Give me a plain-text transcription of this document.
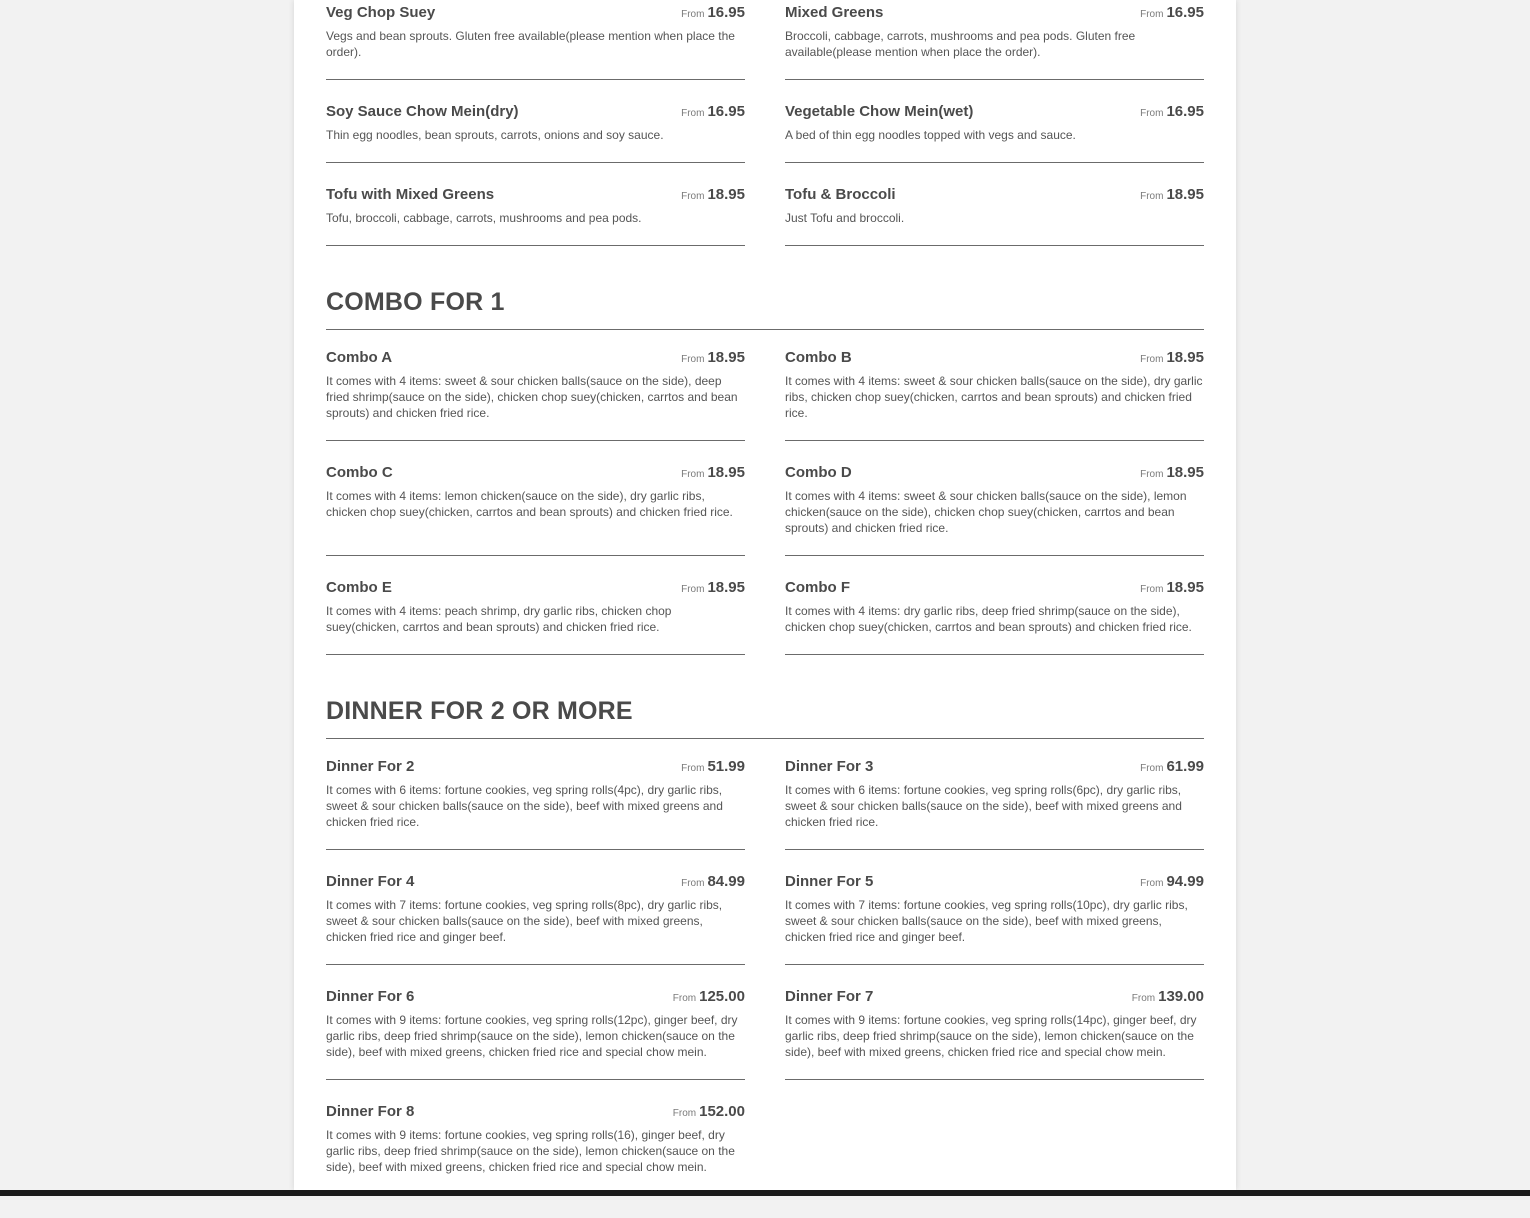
Veg Chop Suey	From 16.95
Vegs and bean sprouts. Gluten free available(please mention when place the order).
Mixed Greens	From 16.95
Broccoli, cabbage, carrots, mushrooms and pea pods. Gluten free available(please mention when place the order).
Soy Sauce Chow Mein(dry)	From 16.95
Thin egg noodles, bean sprouts, carrots, onions and soy sauce.
Vegetable Chow Mein(wet)	From 16.95
A bed of thin egg noodles topped with vegs and sauce.
Tofu with Mixed Greens	From 18.95
Tofu, broccoli, cabbage, carrots, mushrooms and pea pods.
Tofu & Broccoli	From 18.95
Just Tofu and broccoli.
COMBO FOR 1
Combo A	From 18.95
It comes with 4 items: sweet & sour chicken balls(sauce on the side), deep fried shrimp(sauce on the side), chicken chop suey(chicken, carrtos and bean sprouts) and chicken fried rice.
Combo B	From 18.95
It comes with 4 items: sweet & sour chicken balls(sauce on the side), dry garlic ribs, chicken chop suey(chicken, carrtos and bean sprouts) and chicken fried rice.
Combo C	From 18.95
It comes with 4 items: lemon chicken(sauce on the side), dry garlic ribs, chicken chop suey(chicken, carrtos and bean sprouts) and chicken fried rice.
Combo D	From 18.95
It comes with 4 items: sweet & sour chicken balls(sauce on the side), lemon chicken(sauce on the side), chicken chop suey(chicken, carrtos and bean sprouts) and chicken fried rice.
Combo E	From 18.95
It comes with 4 items: peach shrimp, dry garlic ribs, chicken chop suey(chicken, carrtos and bean sprouts) and chicken fried rice.
Combo F	From 18.95
It comes with 4 items: dry garlic ribs, deep fried shrimp(sauce on the side), chicken chop suey(chicken, carrtos and bean sprouts) and chicken fried rice.
DINNER FOR 2 OR MORE
Dinner For 2	From 51.99
It comes with 6 items: fortune cookies, veg spring rolls(4pc), dry garlic ribs, sweet & sour chicken balls(sauce on the side), beef with mixed greens and chicken fried rice.
Dinner For 3	From 61.99
It comes with 6 items: fortune cookies, veg spring rolls(6pc), dry garlic ribs, sweet & sour chicken balls(sauce on the side), beef with mixed greens and chicken fried rice.
Dinner For 4	From 84.99
It comes with 7 items: fortune cookies, veg spring rolls(8pc), dry garlic ribs, sweet & sour chicken balls(sauce on the side), beef with mixed greens, chicken fried rice and ginger beef.
Dinner For 5	From 94.99
It comes with 7 items: fortune cookies, veg spring rolls(10pc), dry garlic ribs, sweet & sour chicken balls(sauce on the side), beef with mixed greens, chicken fried rice and ginger beef.
Dinner For 6	From 125.00
It comes with 9 items: fortune cookies, veg spring rolls(12pc), ginger beef, dry garlic ribs, deep fried shrimp(sauce on the side), lemon chicken(sauce on the side), beef with mixed greens, chicken fried rice and special chow mein.
Dinner For 7	From 139.00
It comes with 9 items: fortune cookies, veg spring rolls(14pc), ginger beef, dry garlic ribs, deep fried shrimp(sauce on the side), lemon chicken(sauce on the side), beef with mixed greens, chicken fried rice and special chow mein.
Dinner For 8	From 152.00
It comes with 9 items: fortune cookies, veg spring rolls(16), ginger beef, dry garlic ribs, deep fried shrimp(sauce on the side), lemon chicken(sauce on the side), beef with mixed greens, chicken fried rice and special chow mein.
